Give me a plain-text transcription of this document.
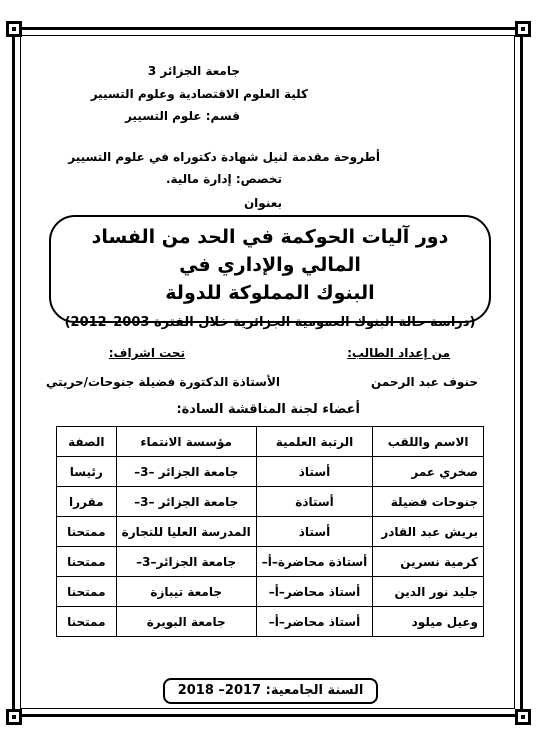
جامعة الجزائر 3
كلية العلوم الاقتصادية وعلوم التسيير
قسم: علوم التسيير
أطروحة مقدمة لنيل شهادة دكتوراه في علوم التسيير
تخصص: إدارة مالية.
بعنوان
دور آليات الحوكمة في الحد من الفساد المالي والإداري في
البنوك المملوكة للدولة
(دراسة حالة البنوك العمومية الجزائرية خلال الفترة 2003–2012)
من إعداد الطالب:
حنوف عبد الرحمن
تحت اشراف:
الأستاذة الدكتورة فضيلة جنوحات/حريتي
أعضاء لجنة المناقشة السادة:
الاسم واللقب	الرتبة العلمية	مؤسسة الانتماء	الصفة
صخري عمر	أستاذ	جامعة الجزائر –3–	رئيسا
جنوحات فضيلة	أستاذة	جامعة الجزائر –3–	مقررا
بريش عبد القادر	أستاذ	المدرسة العليا للتجارة	ممتحنا
كرمية نسرين	أستاذة محاضرة–أ–	جامعة الجزائر–3–	ممتحنا
جليد نور الدين	أستاذ محاضر–أ–	جامعة تيبازة	ممتحنا
وعيل ميلود	أستاذ محاضر–أ–	جامعة البويرة	ممتحنا
السنة الجامعية: 2017– 2018
